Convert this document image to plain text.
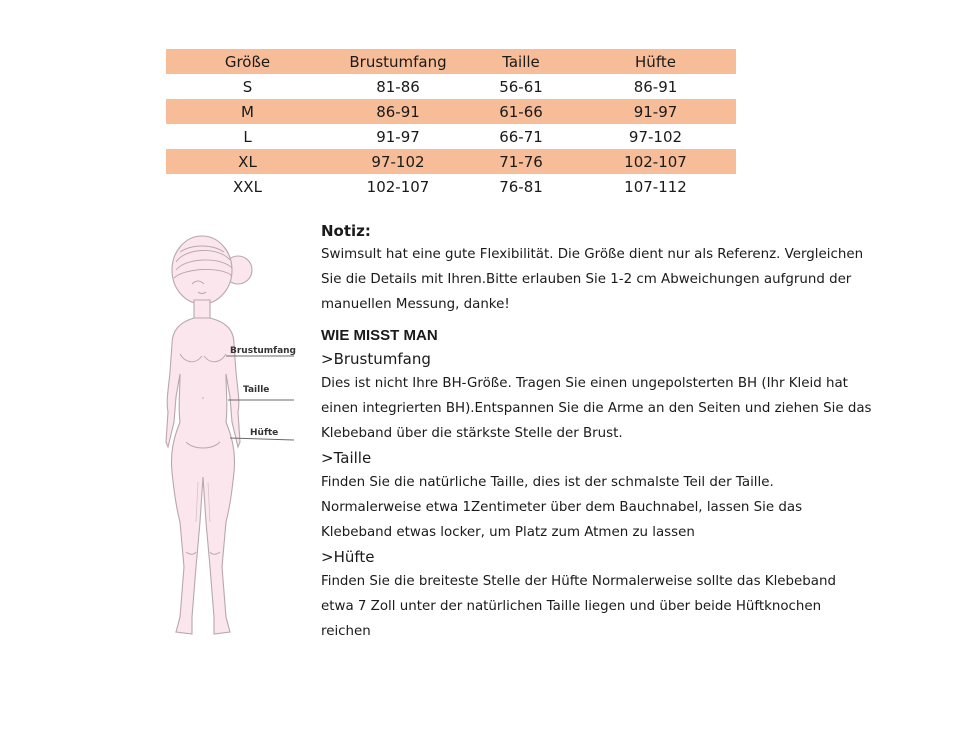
Größe	Brustumfang	Taille	Hüfte
S	81-86	56-61	86-91
M	86-91	61-66	91-97
L	91-97	66-71	97-102
XL	97-102	71-76	102-107
XXL	102-107	76-81	107-112
Brustumfang
Taille
Hüfte

Notiz:

Swimsult hat eine gute Flexibilität. Die Größe dient nur als Referenz. Vergleichen

Sie die Details mit Ihren.Bitte erlauben Sie 1-2 cm Abweichungen aufgrund der

manuellen Messung, danke!

WIE MISST MAN

>Brustumfang

Dies ist nicht Ihre BH-Größe. Tragen Sie einen ungepolsterten BH (Ihr Kleid hat

einen integrierten BH).Entspannen Sie die Arme an den Seiten und ziehen Sie das

Klebeband über die stärkste Stelle der Brust.

>Taille

Finden Sie die natürliche Taille, dies ist der schmalste Teil der Taille.

Normalerweise etwa 1Zentimeter über dem Bauchnabel, lassen Sie das

Klebeband etwas locker, um Platz zum Atmen zu lassen

>Hüfte

Finden Sie die breiteste Stelle der Hüfte Normalerweise sollte das Klebeband

etwa 7 Zoll unter der natürlichen Taille liegen und über beide Hüftknochen

reichen
